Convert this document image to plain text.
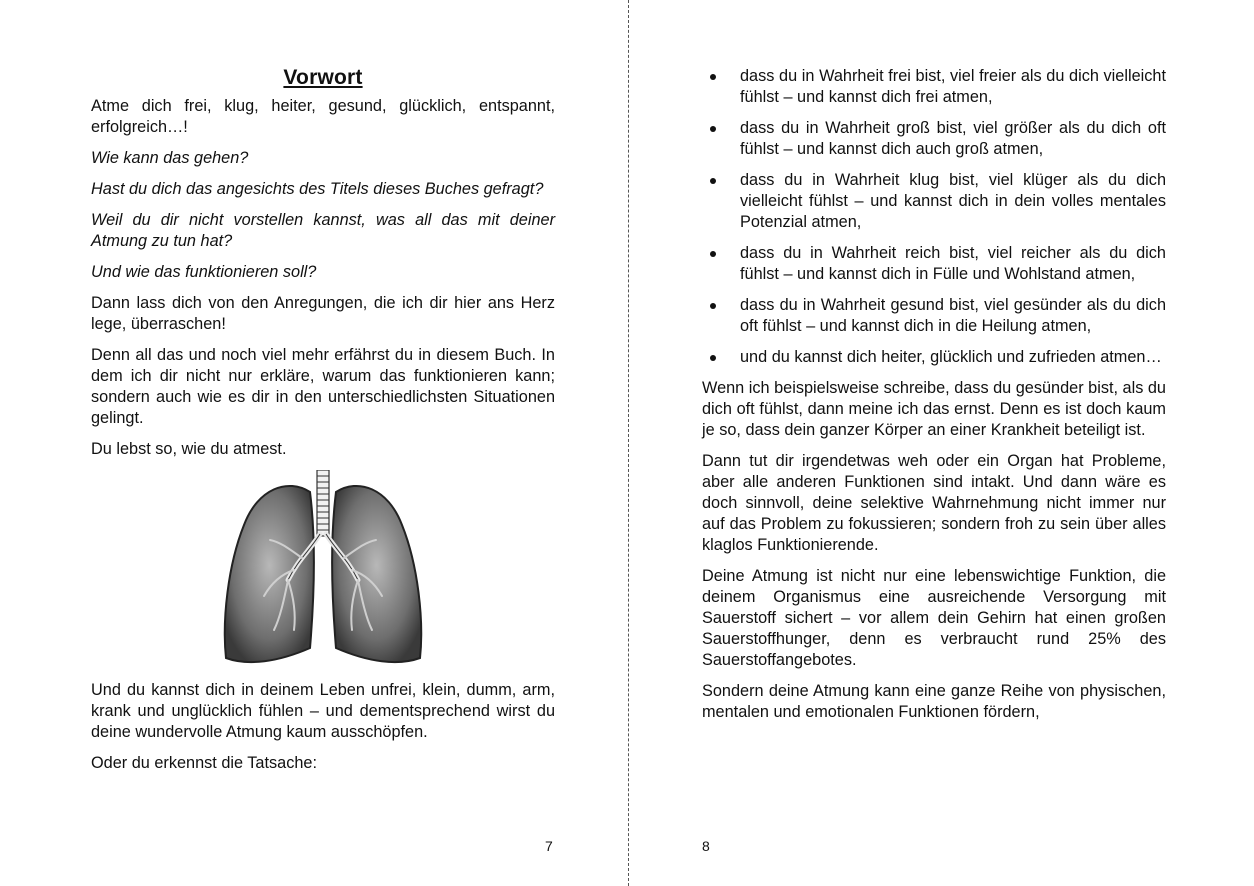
Vorwort

Atme dich frei, klug, heiter, gesund, glücklich, entspannt, erfolgreich…!

Wie kann das gehen?

Hast du dich das angesichts des Titels dieses Buches gefragt?

Weil du dir nicht vorstellen kannst, was all das mit deiner Atmung zu tun hat?

Und wie das funktionieren soll?

Dann lass dich von den Anregungen, die ich dir hier ans Herz lege, überraschen!

Denn all das und noch viel mehr erfährst du in diesem Buch. In dem ich dir nicht nur erkläre, warum das funktionieren kann; sondern auch wie es dir in den unterschiedlichsten Situationen gelingt.

Du lebst so, wie du atmest.

Und du kannst dich in deinem Leben unfrei, klein, dumm, arm, krank und unglücklich fühlen – und dementsprechend wirst du deine wundervolle Atmung kaum ausschöpfen.

Oder du erkennst die Tatsache:

7
dass du in Wahrheit frei bist, viel freier als du dich vielleicht fühlst – und kannst dich frei atmen,
dass du in Wahrheit groß bist, viel größer als du dich oft fühlst – und kannst dich auch groß atmen,
dass du in Wahrheit klug bist, viel klüger als du dich vielleicht fühlst – und kannst dich in dein volles mentales Potenzial atmen,
dass du in Wahrheit reich bist, viel reicher als du dich fühlst – und kannst dich in Fülle und Wohlstand atmen,
dass du in Wahrheit gesund bist, viel gesünder als du dich oft fühlst – und kannst dich in die Heilung atmen,
und du kannst dich heiter, glücklich und zufrieden atmen…

Wenn ich beispielsweise schreibe, dass du gesünder bist, als du dich oft fühlst, dann meine ich das ernst. Denn es ist doch kaum je so, dass dein ganzer Körper an einer Krankheit beteiligt ist.

Dann tut dir irgendetwas weh oder ein Organ hat Probleme, aber alle anderen Funktionen sind intakt. Und dann wäre es doch sinnvoll, deine selektive Wahrnehmung nicht immer nur auf das Problem zu fokussieren; sondern froh zu sein über alles klaglos Funktionierende.

Deine Atmung ist nicht nur eine lebenswichtige Funktion, die deinem Organismus eine ausreichende Versorgung mit Sauerstoff sichert – vor allem dein Gehirn hat einen großen Sauerstoffhunger, denn es verbraucht rund 25% des Sauerstoffangebotes.

Sondern deine Atmung kann eine ganze Reihe von physischen, mentalen und emotionalen Funktionen fördern,

8
